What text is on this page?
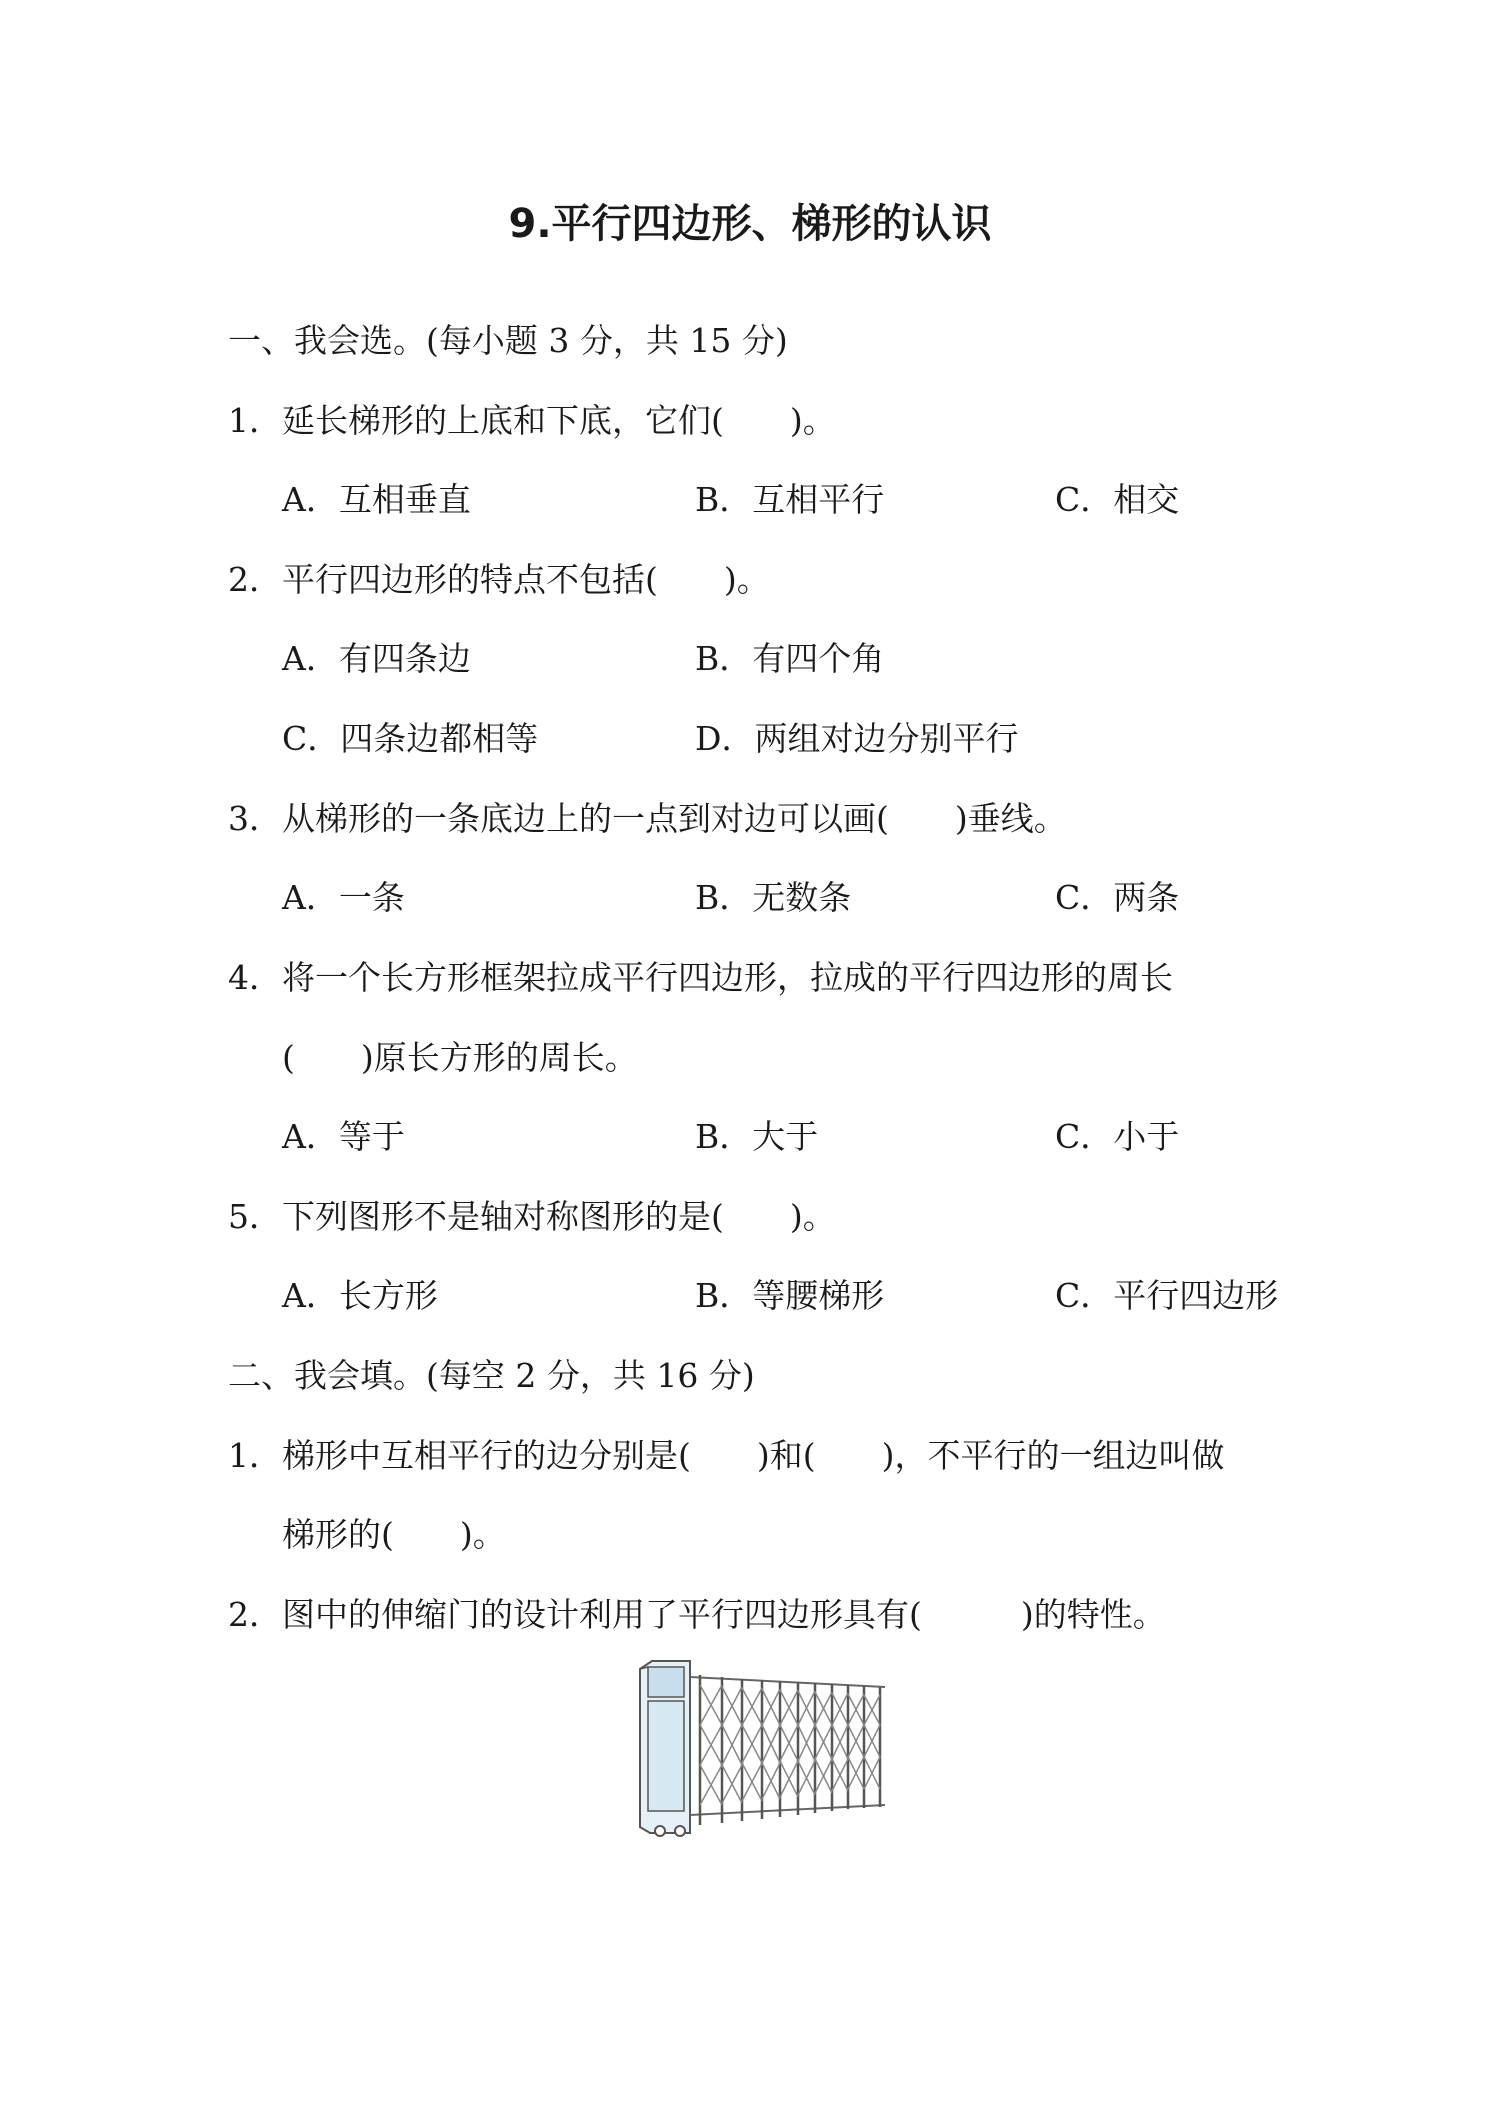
9.平行四边形、梯形的认识
一、我会选。(每小题 3 分，共 15 分)
1．延长梯形的上底和下底，它们(　　)。
A．互相垂直	B．互相平行	C．相交
2．平行四边形的特点不包括(　　)。
A．有四条边	B．有四个角
C．四条边都相等	D．两组对边分别平行
3．从梯形的一条底边上的一点到对边可以画(　　)垂线。
A．一条	B．无数条	C．两条
4．将一个长方形框架拉成平行四边形，拉成的平行四边形的周长
(　　)原长方形的周长。
A．等于	B．大于	C．小于
5．下列图形不是轴对称图形的是(　　)。
A．长方形	B．等腰梯形	C．平行四边形
二、我会填。(每空 2 分，共 16 分)
1．梯形中互相平行的边分别是(　　)和(　　)，不平行的一组边叫做
梯形的(　　)。
2．图中的伸缩门的设计利用了平行四边形具有(　　　)的特性。
